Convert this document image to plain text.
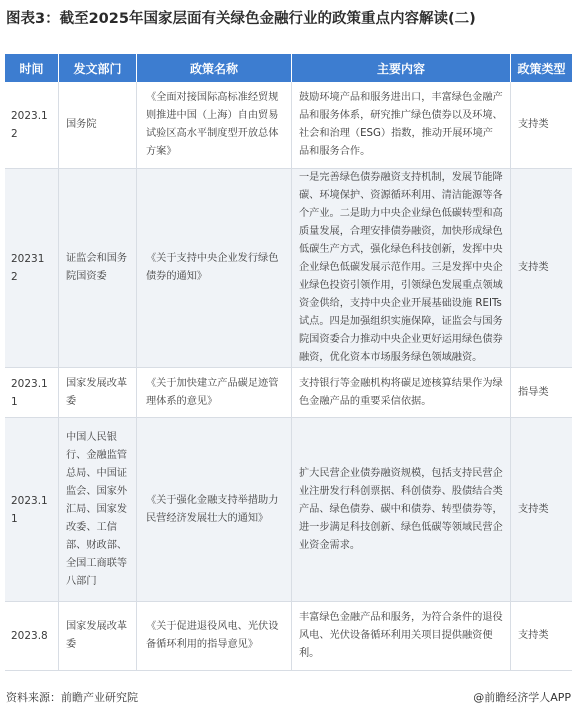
图表3：截至2025年国家层面有关绿色金融行业的政策重点内容解读(二)
时间	发文部门	政策名称	主要内容	政策类型
2023.12	国务院	《全面对接国际高标准经贸规则推进中国（上海）自由贸易试验区高水平制度型开放总体方案》	鼓励环境产品和服务进出口，丰富绿色金融产品和服务体系，研究推广绿色债券以及环境、社会和治理（ESG）指数，推动开展环境产品和服务合作。	支持类
202312	证监会和国务院国资委	《关于支持中央企业发行绿色债券的通知》	一是完善绿色债券融资支持机制，发展节能降碳、环境保护、资源循环利用、清洁能源等各个产业。二是助力中央企业绿色低碳转型和高质量发展，合理安排债券融资，加快形成绿色低碳生产方式，强化绿色科技创新，发挥中央企业绿色低碳发展示范作用。三是发挥中央企业绿色投资引领作用，引领绿色发展重点领域资金供给，支持中央企业开展基础设施 REITs 试点。四是加强组织实施保障，证监会与国务院国资委合力推动中央企业更好运用绿色债券融资，优化资本市场服务绿色领域融资。	支持类
2023.11	国家发展改革委	《关于加快建立产品碳足迹管理体系的意见》	支持银行等金融机构将碳足迹核算结果作为绿色金融产品的重要采信依据。	指导类
2023.11	中国人民银行、金融监管总局、中国证监会、国家外汇局、国家发改委、工信部、财政部、全国工商联等八部门	《关于强化金融支持举措助力民营经济发展壮大的通知》	扩大民营企业债券融资规模，包括支持民营企业注册发行科创票据、科创债券、股债结合类产品、绿色债券、碳中和债券、转型债券等，进一步满足科技创新、绿色低碳等领域民营企业资金需求。	支持类
2023.8	国家发展改革委	《关于促进退役风电、光伏设备循环利用的指导意见》	丰富绿色金融产品和服务，为符合条件的退役风电、光伏设备循环利用关项目提供融资便利。	支持类
资料来源：前瞻产业研究院	@前瞻经济学人APP
